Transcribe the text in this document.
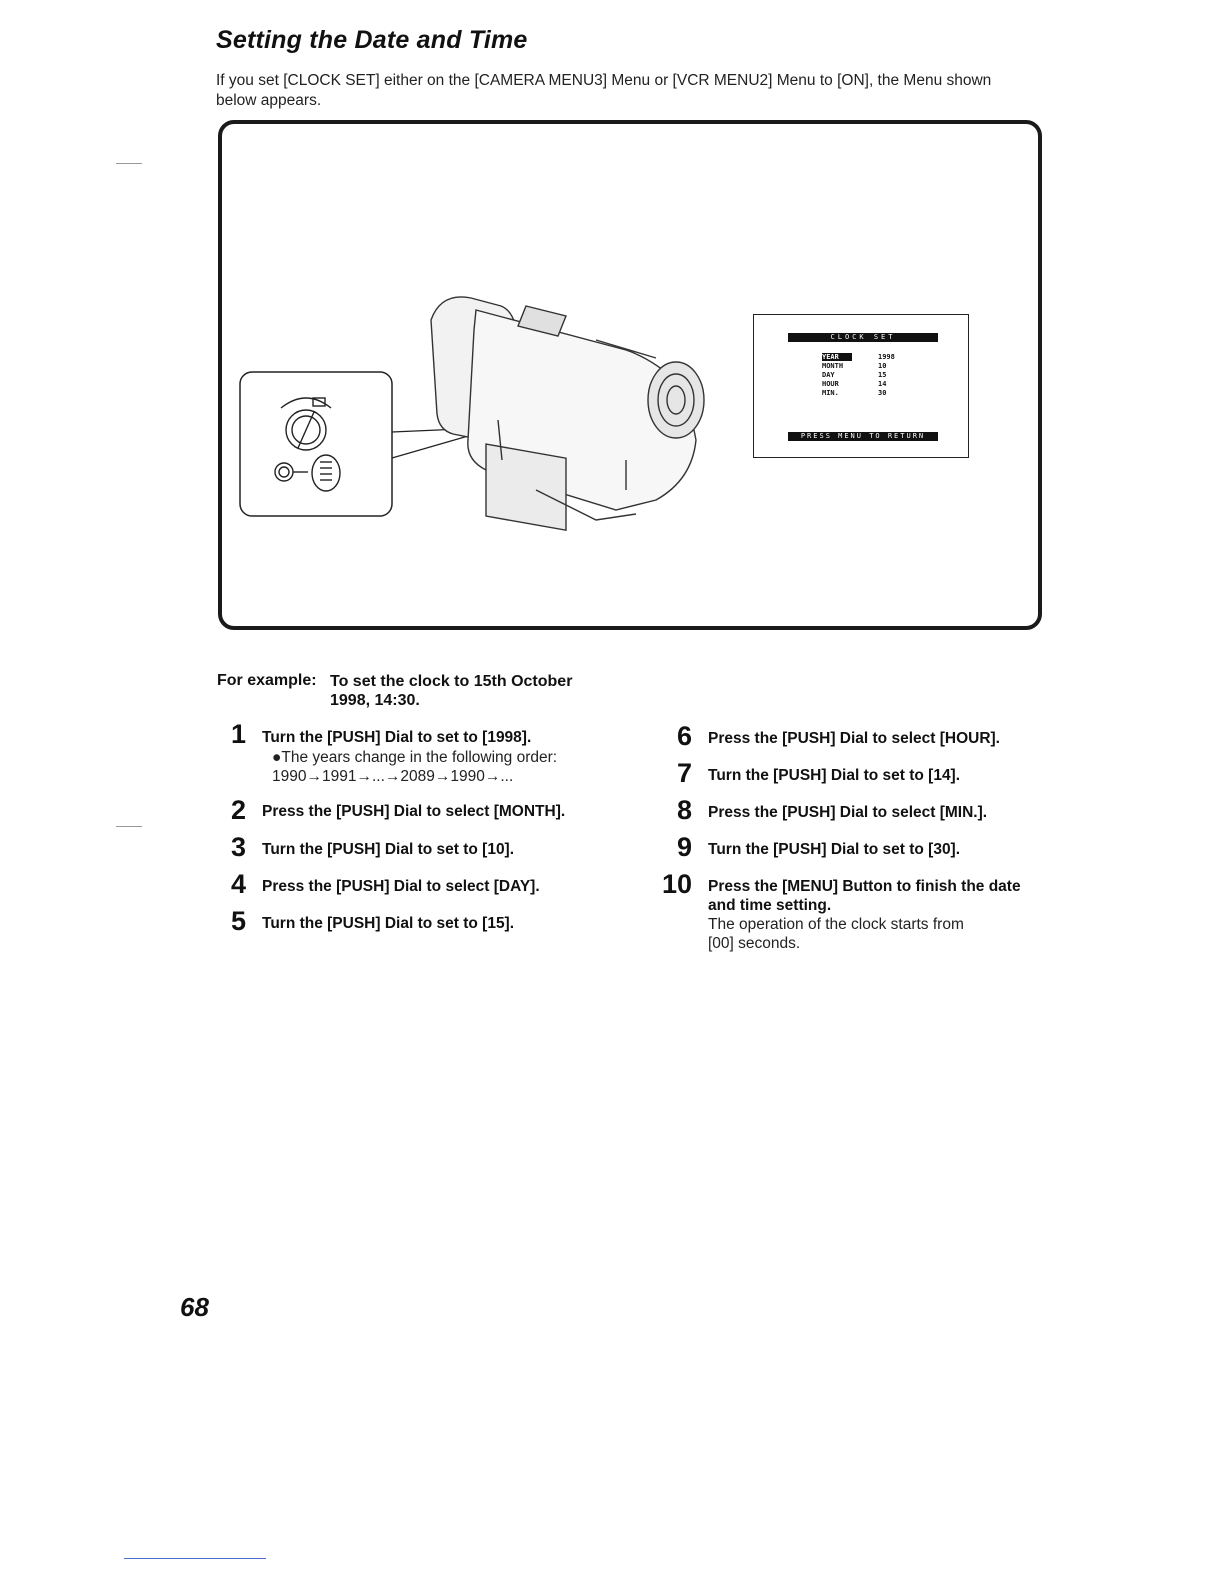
Setting the Date and Time
If you set [CLOCK SET] either on the [CAMERA MENU3] Menu or [VCR MENU2] Menu to [ON], the Menu shown below appears.
CLOCK SET
YEAR	1998
MONTH	10
DAY	15
HOUR	14
MIN.	30
PRESS MENU TO RETURN
For example: To set the clock to 15th October 1998, 14:30.
1 Turn the [PUSH] Dial to set to [1998].
●The years change in the following order:
1990→1991→...→2089→1990→...
2 Press the [PUSH] Dial to select [MONTH].
3 Turn the [PUSH] Dial to set to [10].
4 Press the [PUSH] Dial to select [DAY].
5 Turn the [PUSH] Dial to set to [15].
6 Press the [PUSH] Dial to select [HOUR].
7 Turn the [PUSH] Dial to set to [14].
8 Press the [PUSH] Dial to select [MIN.].
9 Turn the [PUSH] Dial to set to [30].
10 Press the [MENU] Button to finish the date
and time setting.
The operation of the clock starts from
[00] seconds.
68
